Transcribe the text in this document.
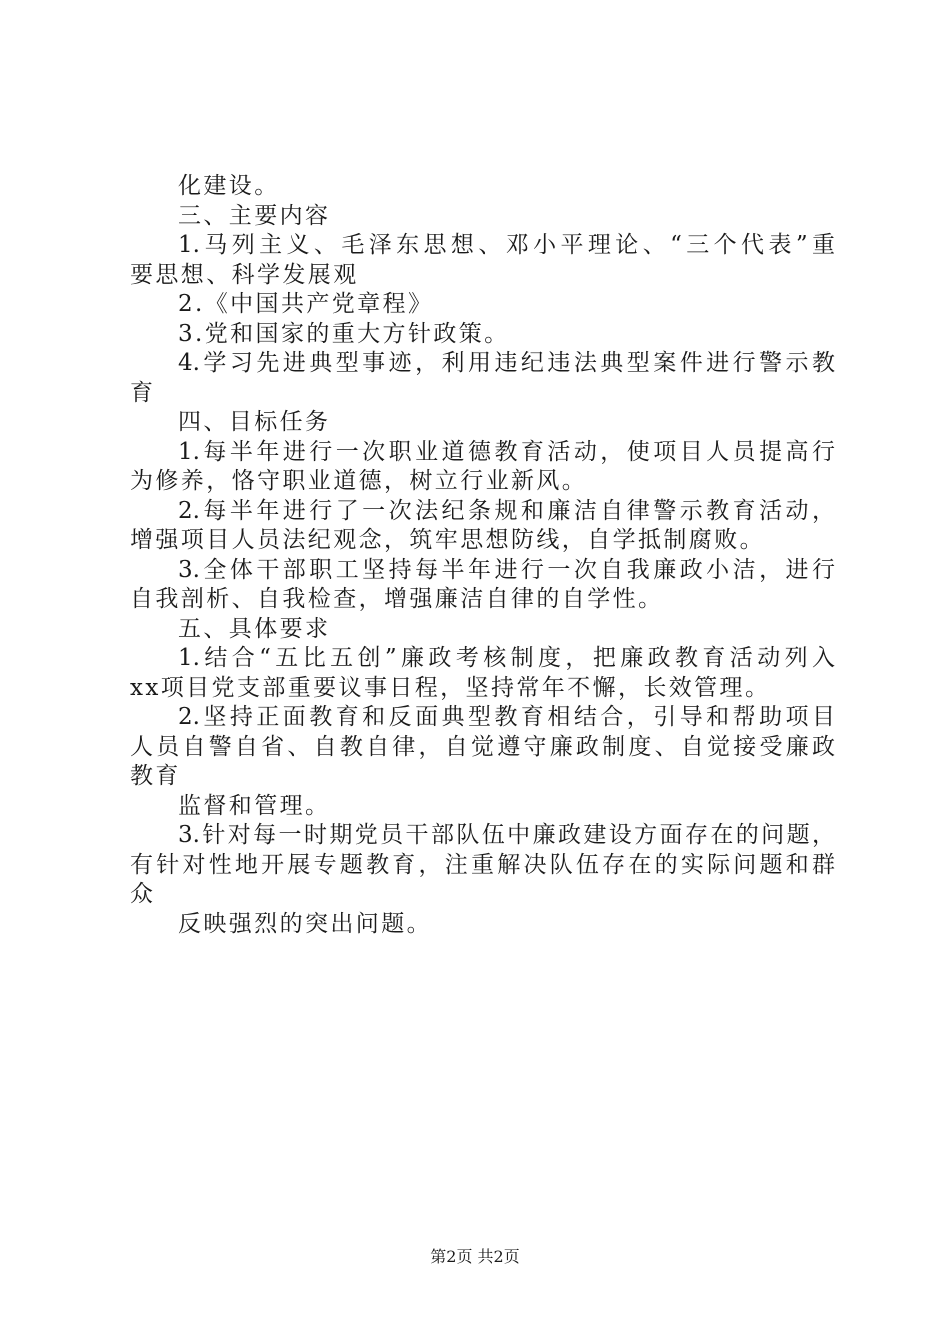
化建设。
三、主要内容
1.马列主义、毛泽东思想、邓小平理论、“三个代表”重
要思想、科学发展观
2.《中国共产党章程》
3.党和国家的重大方针政策。
4.学习先进典型事迹，利用违纪违法典型案件进行警示教
育
四、目标任务
1.每半年进行一次职业道德教育活动，使项目人员提高行
为修养，恪守职业道德，树立行业新风。
2.每半年进行了一次法纪条规和廉洁自律警示教育活动，
增强项目人员法纪观念，筑牢思想防线，自学抵制腐败。
3.全体干部职工坚持每半年进行一次自我廉政小洁，进行
自我剖析、自我检查，增强廉洁自律的自学性。
五、具体要求
1.结合“五比五创”廉政考核制度，把廉政教育活动列入
xx项目党支部重要议事日程，坚持常年不懈，长效管理。
2.坚持正面教育和反面典型教育相结合，引导和帮助项目
人员自警自省、自教自律，自觉遵守廉政制度、自觉接受廉政
教育
监督和管理。
3.针对每一时期党员干部队伍中廉政建设方面存在的问题，
有针对性地开展专题教育，注重解决队伍存在的实际问题和群
众
反映强烈的突出问题。
第2页 共2页
